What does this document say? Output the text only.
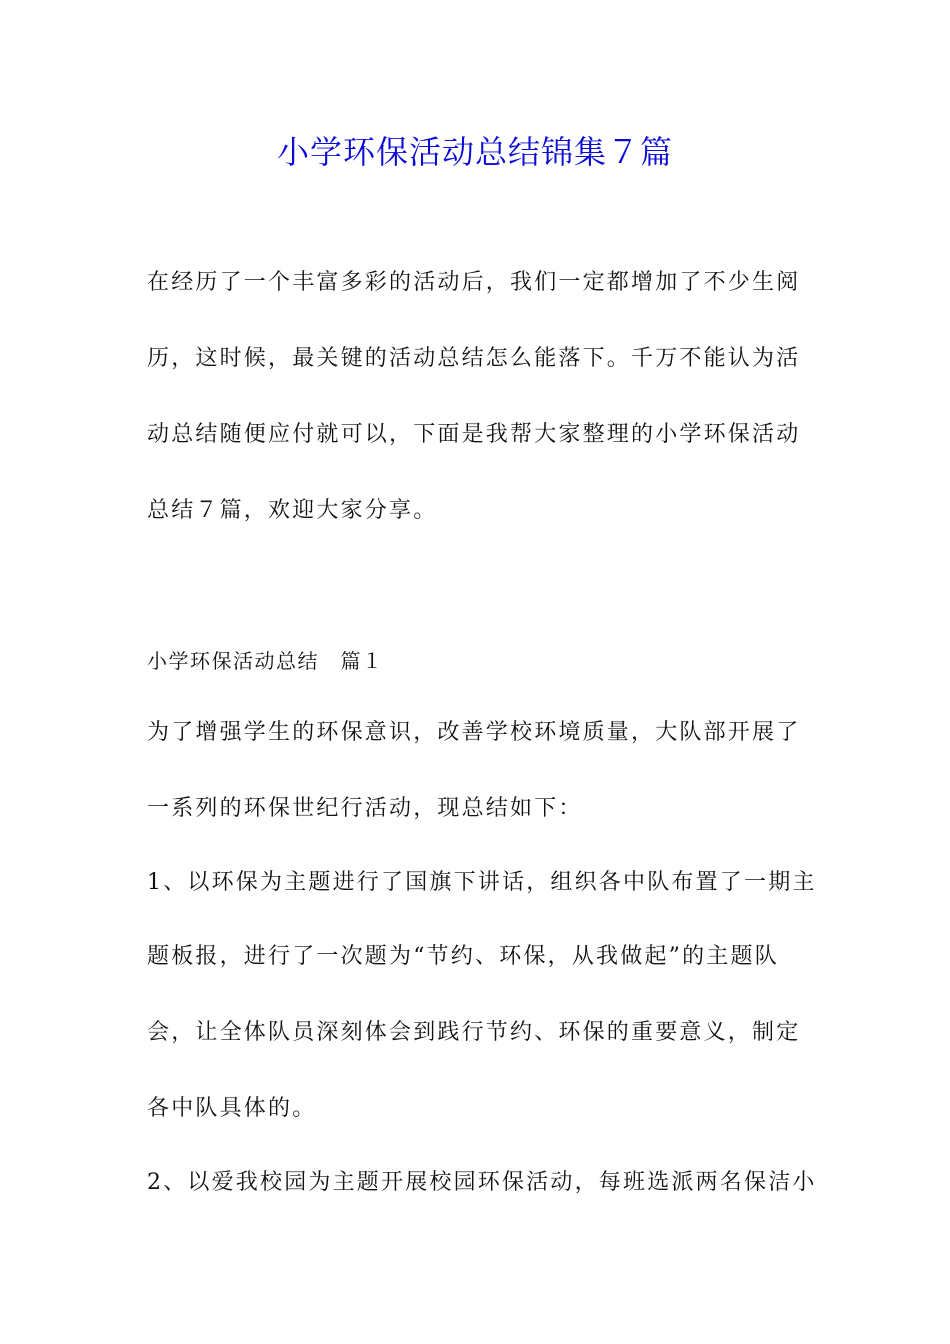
小学环保活动总结锦集７篇
在经历了一个丰富多彩的活动后，我们一定都增加了不少生阅
历，这时候，最关键的活动总结怎么能落下。千万不能认为活
动总结随便应付就可以，下面是我帮大家整理的小学环保活动
总结７篇，欢迎大家分享。
小学环保活动总结　篇１
为了增强学生的环保意识，改善学校环境质量，大队部开展了
一系列的环保世纪行活动，现总结如下：
1、以环保为主题进行了国旗下讲话，组织各中队布置了一期主
题板报，进行了一次题为“节约、环保，从我做起”的主题队
会，让全体队员深刻体会到践行节约、环保的重要意义，制定
各中队具体的。
2、以爱我校园为主题开展校园环保活动，每班选派两名保洁小
